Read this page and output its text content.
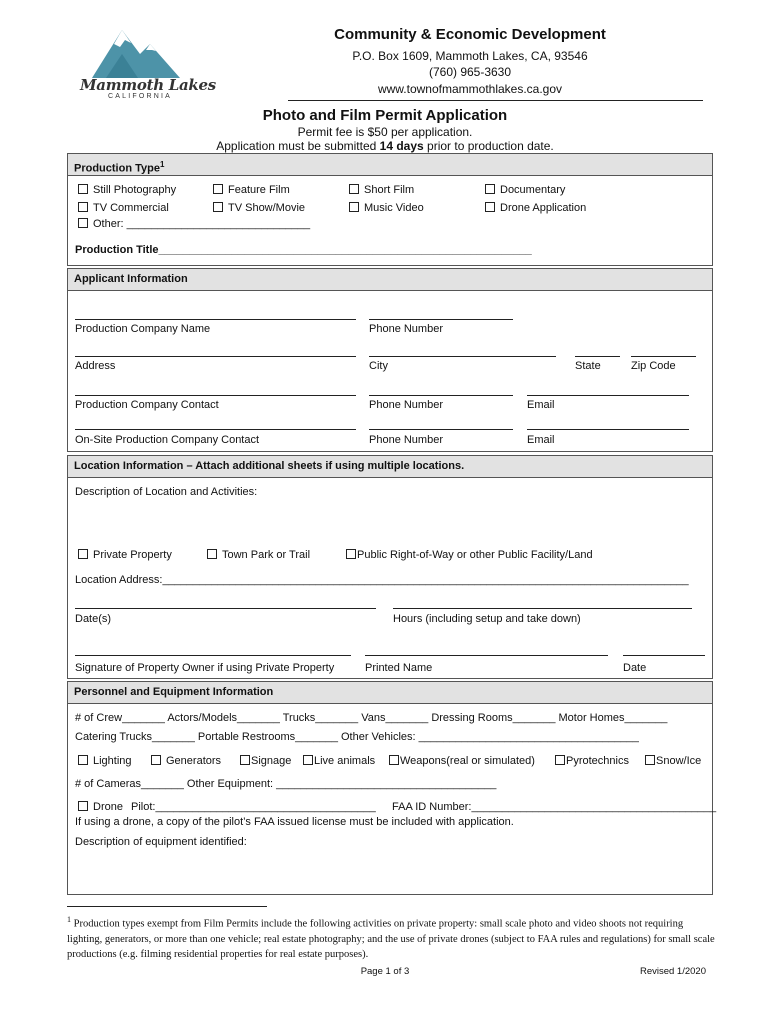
Mammoth Lakes
CALIFORNIA
Community & Economic Development
P.O. Box 1609, Mammoth Lakes, CA, 93546
(760) 965-3630
www.townofmammothlakes.ca.gov
Photo and Film Permit Application
Permit fee is $50 per application.
Application must be submitted 14 days prior to production date.
Production Type$^1$
Still Photography	Feature Film	Short Film	Documentary
TV Commercial	TV Show/Movie	Music Video	Drone Application
Other: ______________________________
Production Title_____________________________________________________________
Applicant Information
Production Company Name	Phone Number
Address	City	State	Zip Code
Production Company Contact	Phone Number	Email
On-Site Production Company Contact	Phone Number	Email
Location Information – Attach additional sheets if using multiple locations.
Description of Location and Activities:
Private Property	Town Park or Trail	Public Right-of-Way or other Public Facility/Land
Location Address:______________________________________________________________________________________
Date(s)	Hours (including setup and take down)
Signature of Property Owner if using Private Property	Printed Name	Date
Personnel and Equipment Information
# of Crew_______ Actors/Models_______ Trucks_______ Vans_______ Dressing Rooms_______ Motor Homes_______
Catering Trucks_______ Portable Restrooms_______ Other Vehicles: ____________________________________
Lighting	Generators	Signage	Live animals	Weapons(real or simulated)	Pyrotechnics	Snow/Ice
# of Cameras_______ Other Equipment: ____________________________________
Drone Pilot:____________________________________ FAA ID Number:________________________________________
If using a drone, a copy of the pilot’s FAA issued license must be included with application.
Description of equipment identified:
$^1$ Production types exempt from Film Permits include the following activities on private property: small scale photo and video shoots not requiring lighting, generators, or more than one vehicle; real estate photography; and the use of private drones (subject to FAA rules and regulations) for small scale productions (e.g. filming residential properties for real estate purposes).
Page 1 of 3	Revised 1/2020
